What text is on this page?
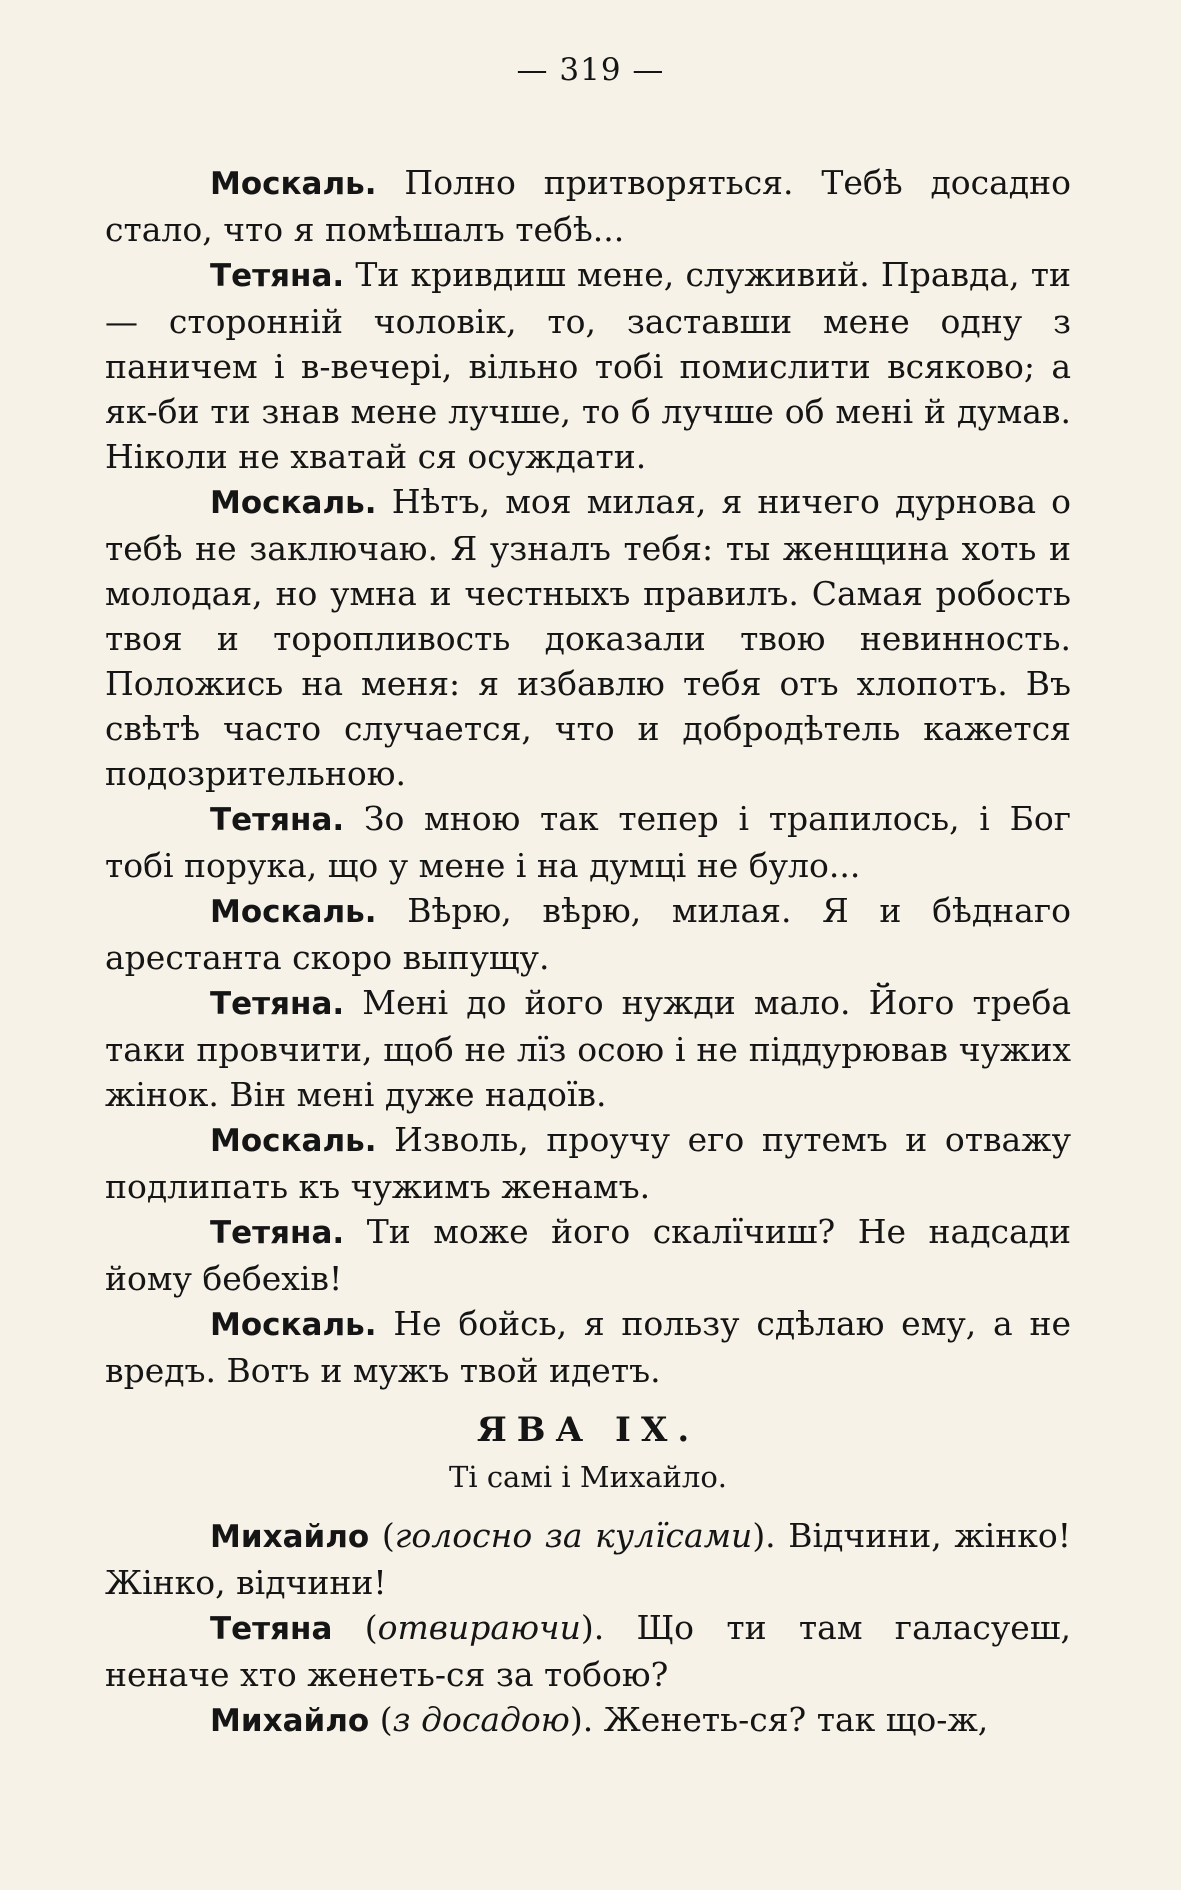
— 319 —

Москаль. Полно притворяться. Тебѣ досадно стало, что я помѣшалъ тебѣ...

Тетяна. Ти кривдиш мене, служивий. Правда, ти — сторонній чоловік, то, заставши мене одну з паничем і в-вечері, вільно тобі помислити всяково; а як-би ти знав мене лучше, то б лучше об мені й думав. Ніколи не хватай ся осуждати.

Москаль. Нѣтъ, моя милая, я ничего дурнова о тебѣ не заключаю. Я узналъ тебя: ты женщина хоть и молодая, но умна и честныхъ правилъ. Самая робость твоя и торопливость доказали твою невинность. Положись на меня: я избавлю тебя отъ хлопотъ. Въ свѣтѣ часто случается, что и добродѣтель кажется подозрительною.

Тетяна. Зо мною так тепер і трапилось, і Бог тобі порука, що у мене і на думці не було...

Москаль. Вѣрю, вѣрю, милая. Я и бѣднаго арестанта скоро выпущу.

Тетяна. Мені до його нужди мало. Його треба таки провчити, щоб не лїз осою і не піддурював чужих жінок. Він мені дуже надоїв.

Москаль. Изволь, проучу его путемъ и отважу подлипать къ чужимъ женамъ.

Тетяна. Ти може його скалїчиш? Не надсади йому бебехів!

Москаль. Не бойсь, я пользу сдѣлаю ему, а не вредъ. Вотъ и мужъ твой идетъ.

ЯВА IX.
Ті самі і Михайло.

Михайло (голосно за кулїсами). Відчини, жінко! Жінко, відчини!

Тетяна (отвираючи). Що ти там галасуеш, неначе хто женеть-ся за тобою?

Михайло (з досадою). Женеть-ся? так що-ж,
